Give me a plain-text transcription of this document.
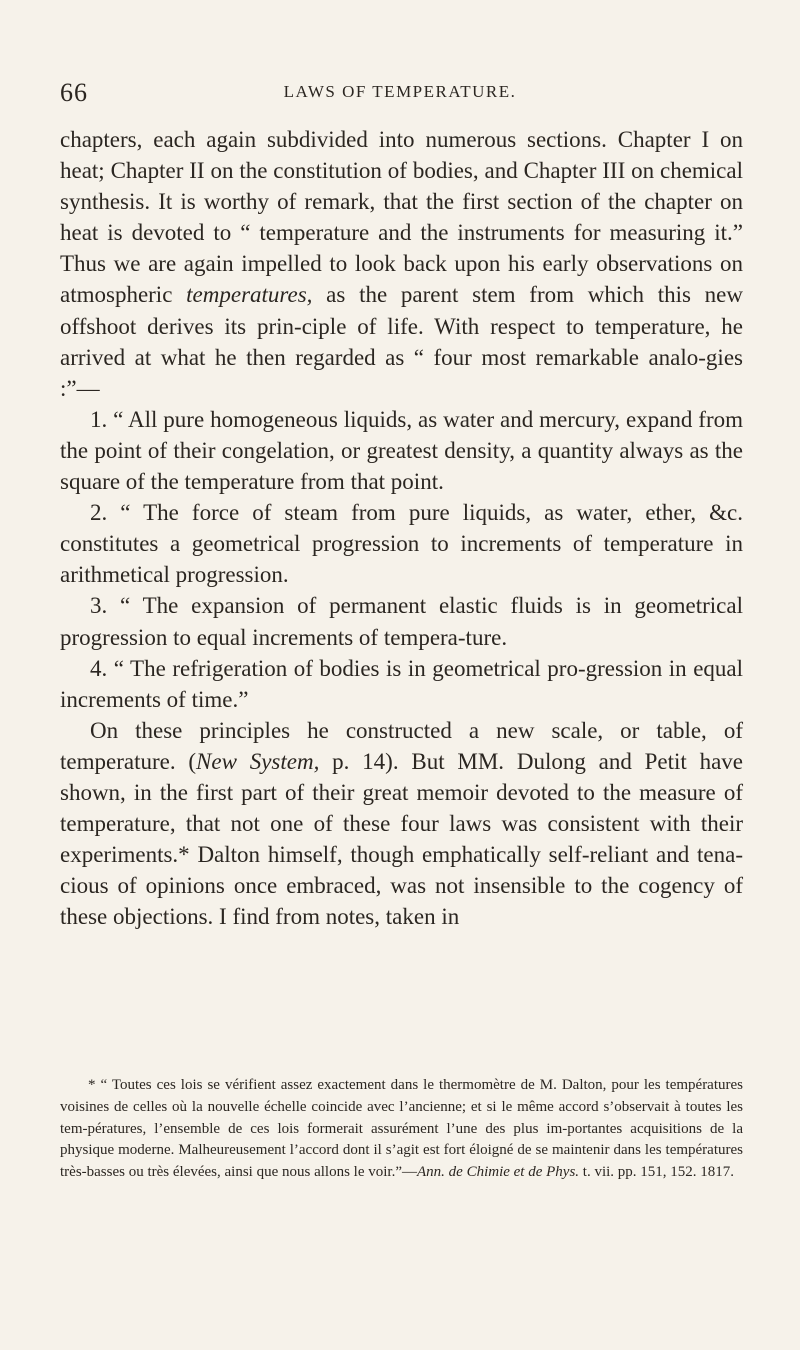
66	LAWS OF TEMPERATURE.

chapters, each again subdivided into numerous sections. Chapter I on heat; Chapter II on the constitution of bodies, and Chapter III on chemical synthesis. It is worthy of remark, that the first section of the chapter on heat is devoted to “ temperature and the instruments for measuring it.” Thus we are again impelled to look back upon his early observations on atmospheric temperatures, as the parent stem from which this new offshoot derives its prin-ciple of life. With respect to temperature, he arrived at what he then regarded as “ four most remarkable analo-gies :”—

1. “ All pure homogeneous liquids, as water and mercury, expand from the point of their congelation, or greatest density, a quantity always as the square of the temperature from that point.

2. “ The force of steam from pure liquids, as water, ether, &c. constitutes a geometrical progression to increments of temperature in arithmetical progression.

3. “ The expansion of permanent elastic fluids is in geometrical progression to equal increments of tempera-ture.

4. “ The refrigeration of bodies is in geometrical pro-gression in equal increments of time.”

On these principles he constructed a new scale, or table, of temperature. (New System, p. 14). But MM. Dulong and Petit have shown, in the first part of their great memoir devoted to the measure of temperature, that not one of these four laws was consistent with their experiments.* Dalton himself, though emphatically self-reliant and tena-cious of opinions once embraced, was not insensible to the cogency of these objections. I find from notes, taken in

* “ Toutes ces lois se vérifient assez exactement dans le thermomètre de M. Dalton, pour les températures voisines de celles où la nouvelle échelle coincide avec l’ancienne; et si le même accord s’observait à toutes les tem-pératures, l’ensemble de ces lois formerait assurément l’une des plus im-portantes acquisitions de la physique moderne. Malheureusement l’accord dont il s’agit est fort éloigné de se maintenir dans les températures très-basses ou très élevées, ainsi que nous allons le voir.”—Ann. de Chimie et de Phys. t. vii. pp. 151, 152. 1817.
